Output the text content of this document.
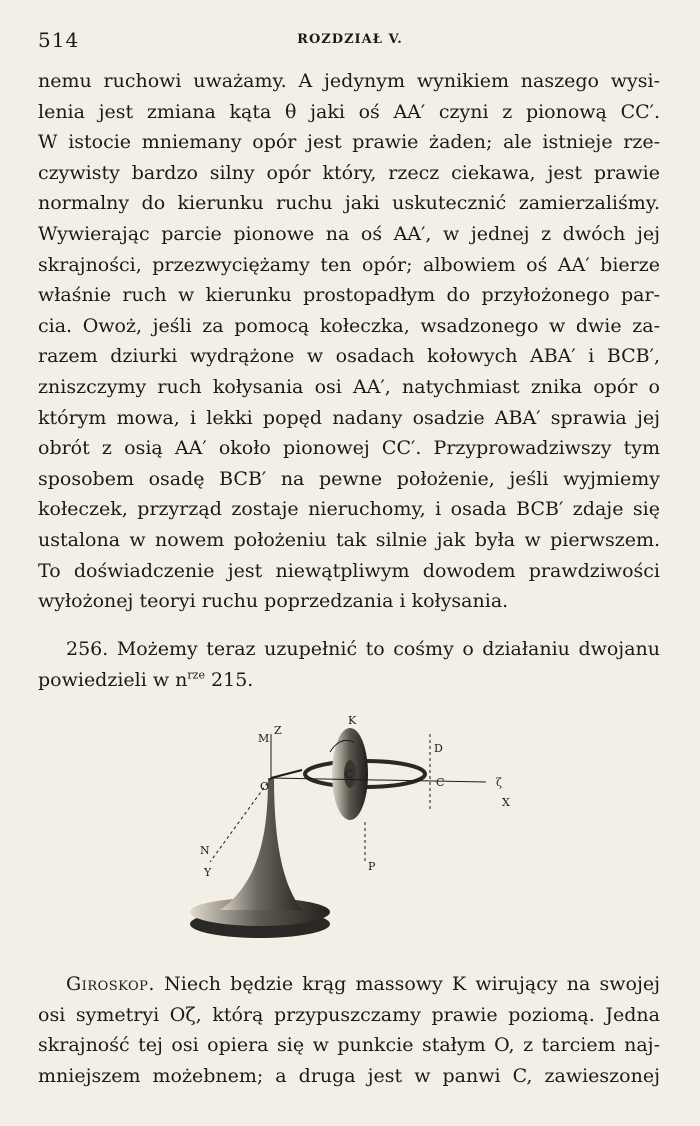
514	ROZDZIAŁ V.
nemu ruchowi uważamy. A jedynym wynikiem naszego wysi-
lenia jest zmiana kąta θ jaki oś AA′ czyni z pionową CC′.
W istocie mniemany opór jest prawie żaden; ale istnieje rze-
czywisty bardzo silny opór który, rzecz ciekawa, jest prawie
normalny do kierunku ruchu jaki uskutecznić zamierzaliśmy.
Wywierając parcie pionowe na oś AA′, w jednej z dwóch jej
skrajności, przezwyciężamy ten opór; albowiem oś AA′ bierze
właśnie ruch w kierunku prostopadłym do przyłożonego par-
cia. Owoż, jeśli za pomocą kołeczka, wsadzonego w dwie za-
razem dziurki wydrążone w osadach kołowych ABA′ i BCB′,
zniszczymy ruch kołysania osi AA′, natychmiast znika opór o
którym mowa, i lekki popęd nadany osadzie ABA′ sprawia jej
obrót z osią AA′ około pionowej CC′. Przyprowadziwszy tym
sposobem osadę BCB′ na pewne położenie, jeśli wyjmiemy
kołeczek, przyrząd zostaje nieruchomy, i osada BCB′ zdaje się
ustalona w nowem położeniu tak silnie jak była w pierwszem.
To doświadczenie jest niewątpliwym dowodem prawdziwości
wyłożonej teoryi ruchu poprzedzania i kołysania.
256. Możemy teraz uzupełnić to cośmy o działaniu dwojanu
powiedzieli w $n^{rze}$ 215.
M
Z
K
D
ζ
O	C
C
X
N
Y	P
Giroskop. Niech będzie krąg massowy K wirujący na swojej
osi symetryi Oζ, którą przypuszczamy prawie poziomą. Jedna
skrajność tej osi opiera się w punkcie stałym O, z tarciem naj-
mniejszem możebnem; a druga jest w panwi C, zawieszonej
